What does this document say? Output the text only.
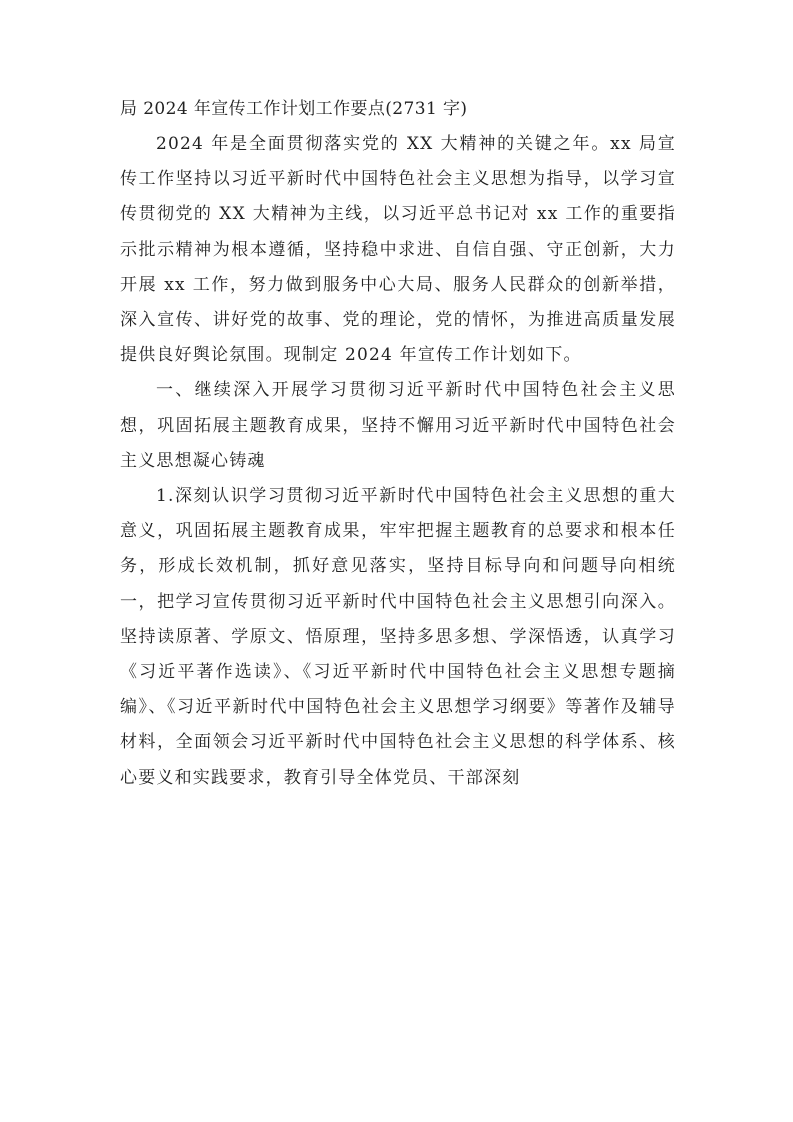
局 2024 年宣传工作计划工作要点(2731 字)

2024 年是全面贯彻落实党的 XX 大精神的关键之年。xx 局宣传工作坚持以习近平新时代中国特色社会主义思想为指导，以学习宣传贯彻党的 XX 大精神为主线，以习近平总书记对 xx 工作的重要指示批示精神为根本遵循，坚持稳中求进、自信自强、守正创新，大力开展 xx 工作，努力做到服务中心大局、服务人民群众的创新举措，深入宣传、讲好党的故事、党的理论，党的情怀，为推进高质量发展提供良好舆论氛围。现制定 2024 年宣传工作计划如下。

一、继续深入开展学习贯彻习近平新时代中国特色社会主义思想，巩固拓展主题教育成果，坚持不懈用习近平新时代中国特色社会主义思想凝心铸魂

1.深刻认识学习贯彻习近平新时代中国特色社会主义思想的重大意义，巩固拓展主题教育成果，牢牢把握主题教育的总要求和根本任务，形成长效机制，抓好意见落实，坚持目标导向和问题导向相统一，把学习宣传贯彻习近平新时代中国特色社会主义思想引向深入。坚持读原著、学原文、悟原理，坚持多思多想、学深悟透，认真学习《习近平著作选读》、《习近平新时代中国特色社会主义思想专题摘编》、《习近平新时代中国特色社会主义思想学习纲要》等著作及辅导材料，全面领会习近平新时代中国特色社会主义思想的科学体系、核心要义和实践要求，教育引导全体党员、干部深刻
